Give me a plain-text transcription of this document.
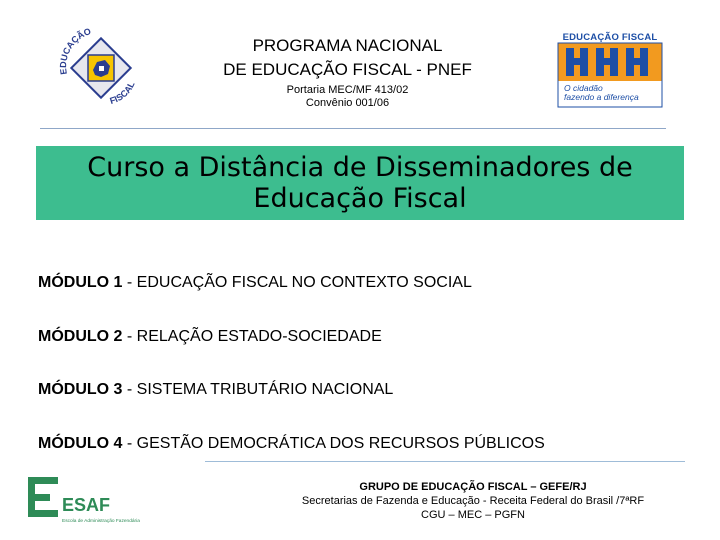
EDUCAÇÃO
FISCAL
PROGRAMA NACIONAL
DE EDUCAÇÃO FISCAL - PNEF
Portaria MEC/MF 413/02
Convênio 001/06
EDUCAÇÃO FISCAL
O cidadão
fazendo a diferença
Curso a Distância de Disseminadores de Educação Fiscal
MÓDULO 1 - EDUCAÇÃO FISCAL NO CONTEXTO SOCIAL
MÓDULO 2 - RELAÇÃO ESTADO-SOCIEDADE
MÓDULO 3 - SISTEMA TRIBUTÁRIO NACIONAL
MÓDULO 4 - GESTÃO DEMOCRÁTICA DOS RECURSOS PÚBLICOS
ESAF
Escola de Administração Fazendária
GRUPO DE EDUCAÇÃO FISCAL – GEFE/RJ
Secretarias de Fazenda e Educação - Receita Federal do Brasil /7ªRF
CGU – MEC – PGFN
